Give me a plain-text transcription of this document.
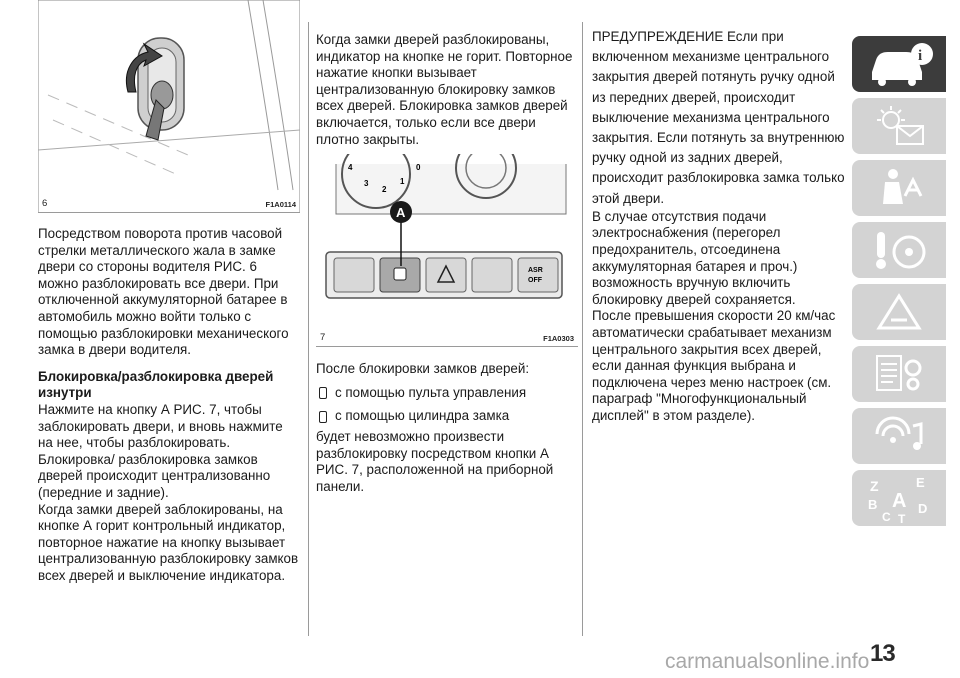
6	F1A0114

Посредством поворота против часовой стрелки металлического жала в замке двери со стороны водителя РИС. 6 можно разблокировать все двери. При отключенной аккумуляторной батарее в автомобиль можно войти только с помощью разблокировки механического замка в двери водителя.

Блокировка/разблокировка дверей изнутри

Нажмите на кнопку А РИС. 7, чтобы заблокировать двери, и вновь нажмите на нее, чтобы разблокировать. Блокировка/ разблокировка замков дверей происходит централизованно (передние и задние).

Когда замки дверей заблокированы, на кнопке А горит контрольный индикатор, повторное нажатие на кнопку вызывает централизованную разблокировку замков всех дверей и выключение индикатора.

Когда замки дверей разблокированы, индикатор на кнопке не горит. Повторное нажатие кнопки вызывает централизованную блокировку замков всех дверей. Блокировка замков дверей включается, только если все двери плотно закрыты.

4
3
2
1
0
ASR
OFF
A
7	F1A0303

После блокировки замков дверей:

с помощью пульта управления
с помощью цилиндра замка

будет невозможно произвести разблокировку посредством кнопки А РИС. 7, расположенной на приборной панели.

ПРЕДУПРЕЖДЕНИЕ Если при включенном механизме центрального закрытия дверей потянуть ручку одной из передних дверей, происходит выключение механизма центрального закрытия. Если потянуть за внутреннюю ручку одной из задних дверей, происходит разблокировка замка только этой двери.

В случае отсутствия подачи электроснабжения (перегорел предохранитель, отсоединена аккумуляторная батарея и проч.) возможность вручную включить блокировку дверей сохраняется.

После превышения скорости 20 км/час автоматически срабатывает механизм центрального закрытия всех дверей, если данная функция выбрана и подключена через меню настроек (см. параграф "Многофункциональный дисплей" в этом разделе).

i
Z	E
B A
C T
D
carmanualsonline.info 13
